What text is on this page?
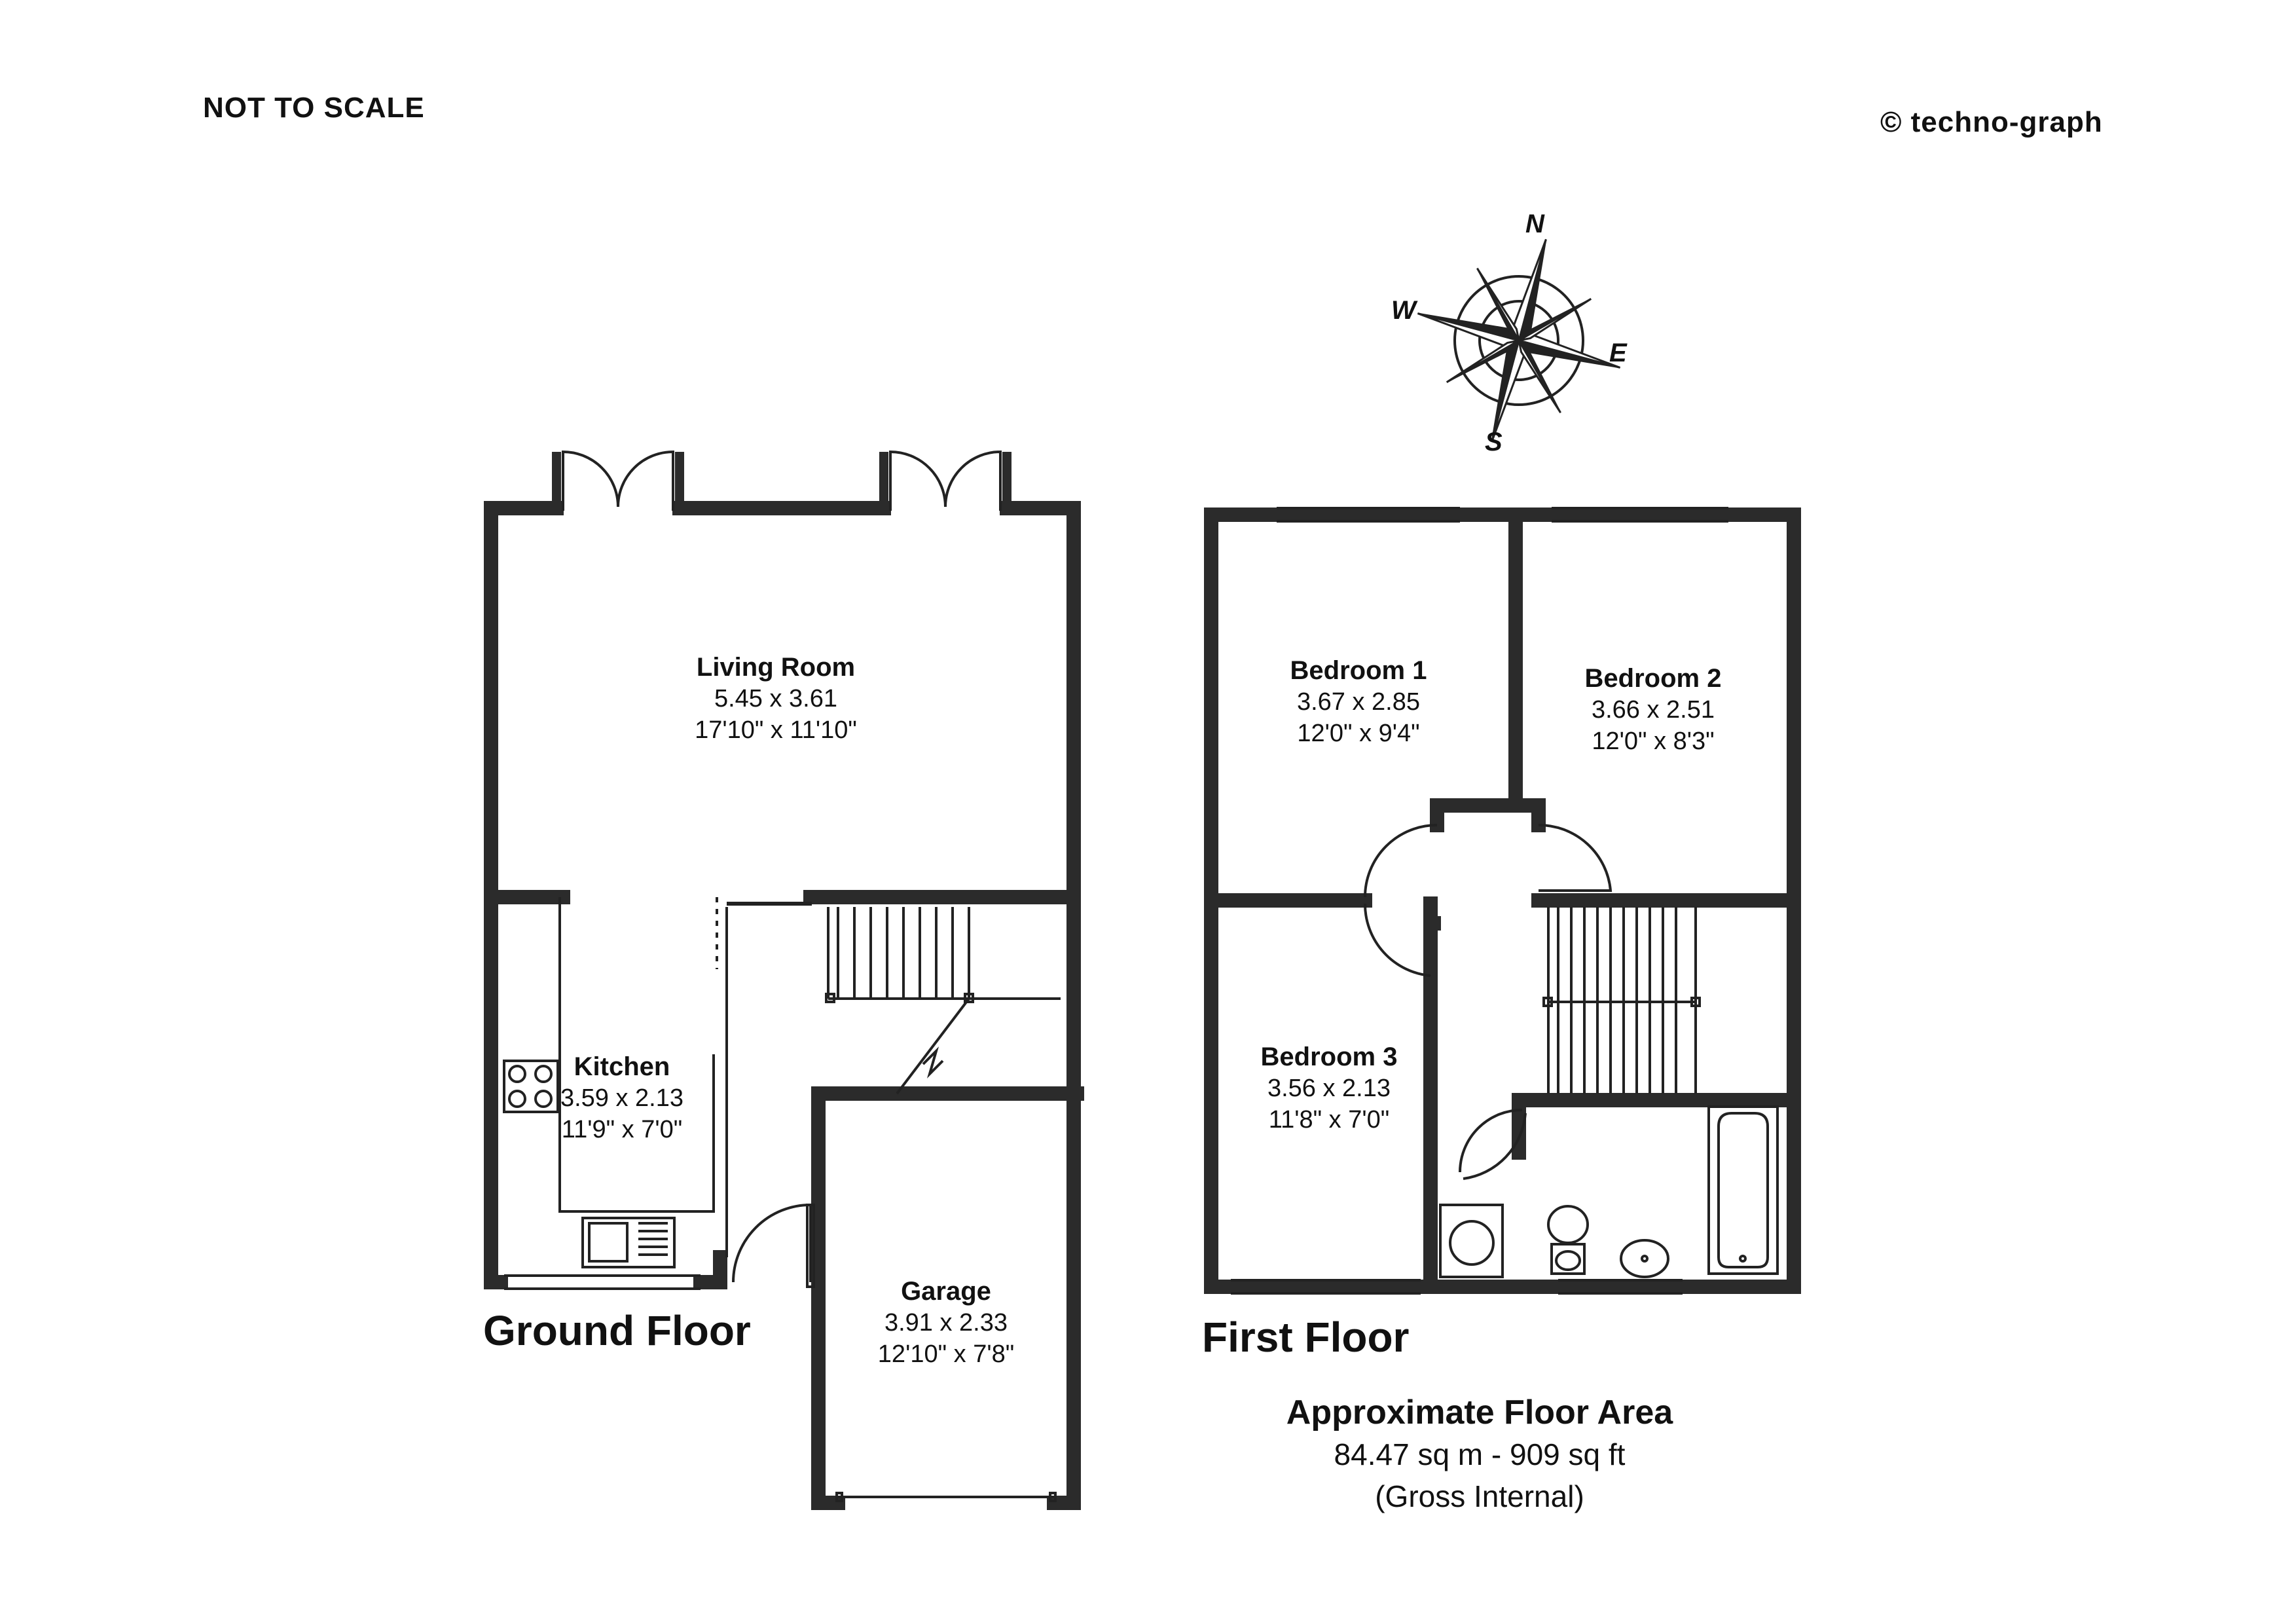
NOT TO SCALE	© techno-graph
N
E
S
W
Living Room
5.45 x 3.61
17'10" x 11'10"
Kitchen
3.59 x 2.13
11'9" x 7'0"
Garage
3.91 x 2.33
12'10" x 7'8"
Bedroom 1
3.67 x 2.85
12'0" x 9'4"
Bedroom 2
3.66 x 2.51
12'0" x 8'3"
Bedroom 3
3.56 x 2.13
11'8" x 7'0"
Ground Floor	First Floor
Approximate Floor Area
84.47 sq m - 909 sq ft
(Gross Internal)
